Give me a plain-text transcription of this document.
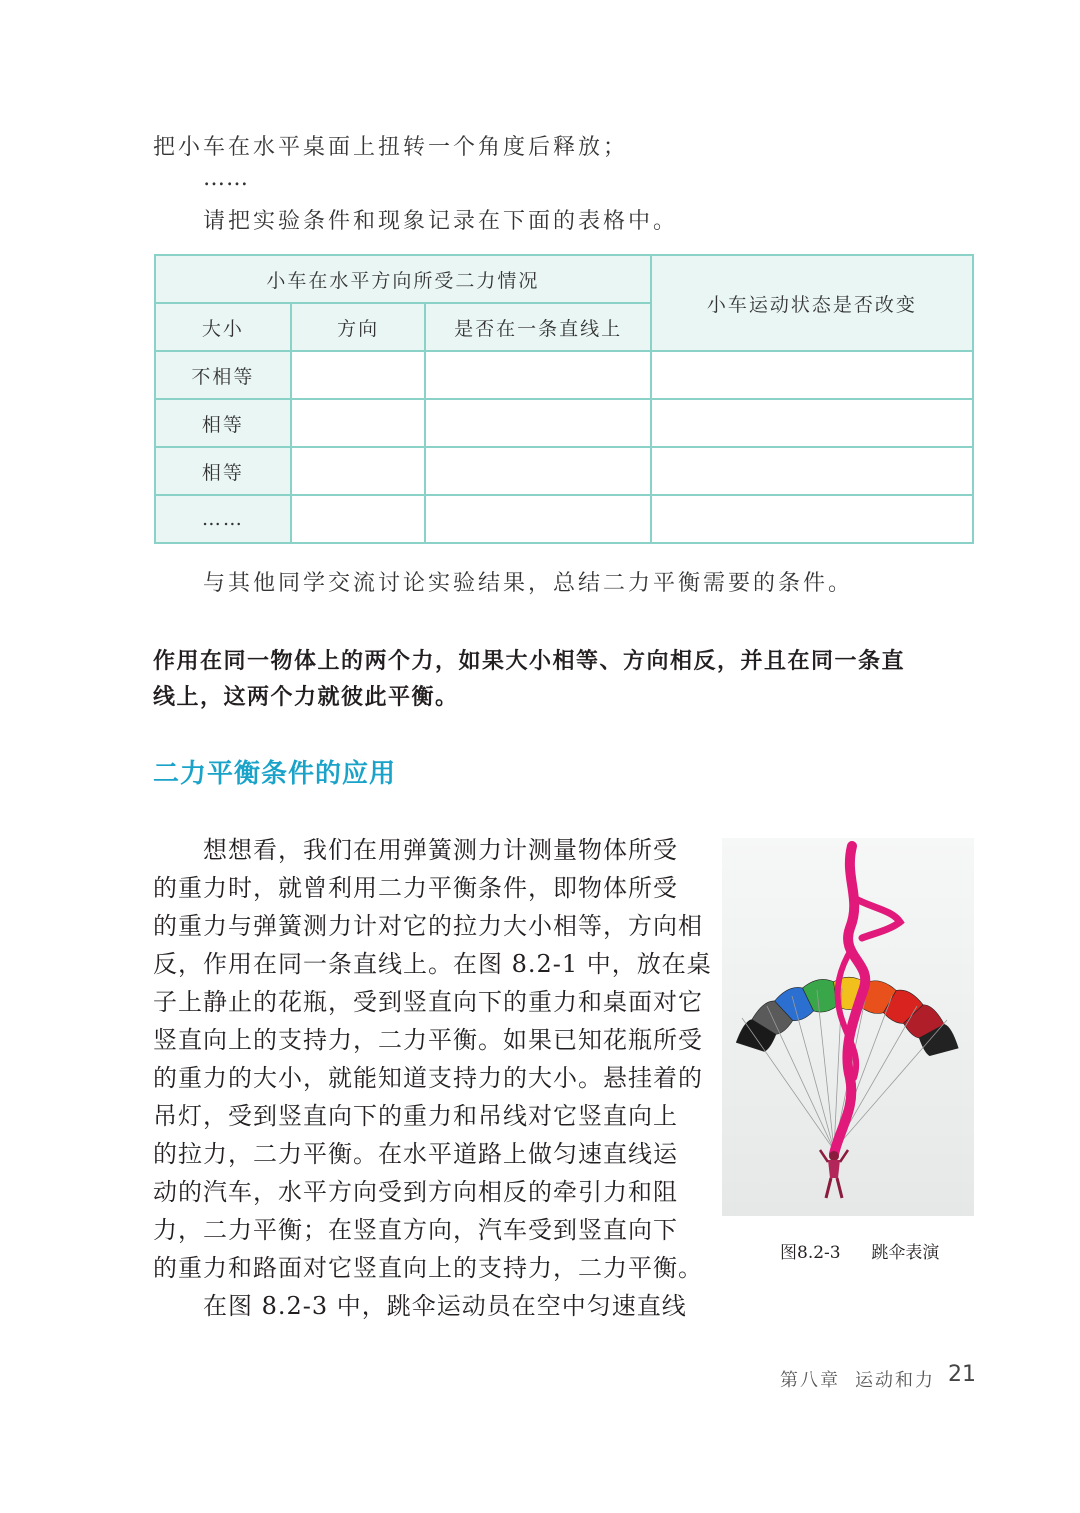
把小车在水平桌面上扭转一个角度后释放；

……

请把实验条件和现象记录在下面的表格中。

小车在水平方向所受二力情况			小车运动状态是否改变
大小	方向	是否在一条直线上	
不相等			
相等			
相等			
……			

与其他同学交流讨论实验结果，总结二力平衡需要的条件。

作用在同一物体上的两个力，如果大小相等、方向相反，并且在同一条直

线上，这两个力就彼此平衡。

二力平衡条件的应用

想想看，我们在用弹簧测力计测量物体所受

的重力时，就曾利用二力平衡条件，即物体所受

的重力与弹簧测力计对它的拉力大小相等，方向相

反，作用在同一条直线上。在图 8.2-1 中，放在桌

子上静止的花瓶，受到竖直向下的重力和桌面对它

竖直向上的支持力，二力平衡。如果已知花瓶所受

的重力的大小，就能知道支持力的大小。悬挂着的

吊灯，受到竖直向下的重力和吊线对它竖直向上

的拉力，二力平衡。在水平道路上做匀速直线运

动的汽车，水平方向受到方向相反的牵引力和阻

力，二力平衡；在竖直方向，汽车受到竖直向下

的重力和路面对它竖直向上的支持力，二力平衡。

在图 8.2-3 中，跳伞运动员在空中匀速直线

图8.2-3 跳伞表演
第八章 运动和力 21
